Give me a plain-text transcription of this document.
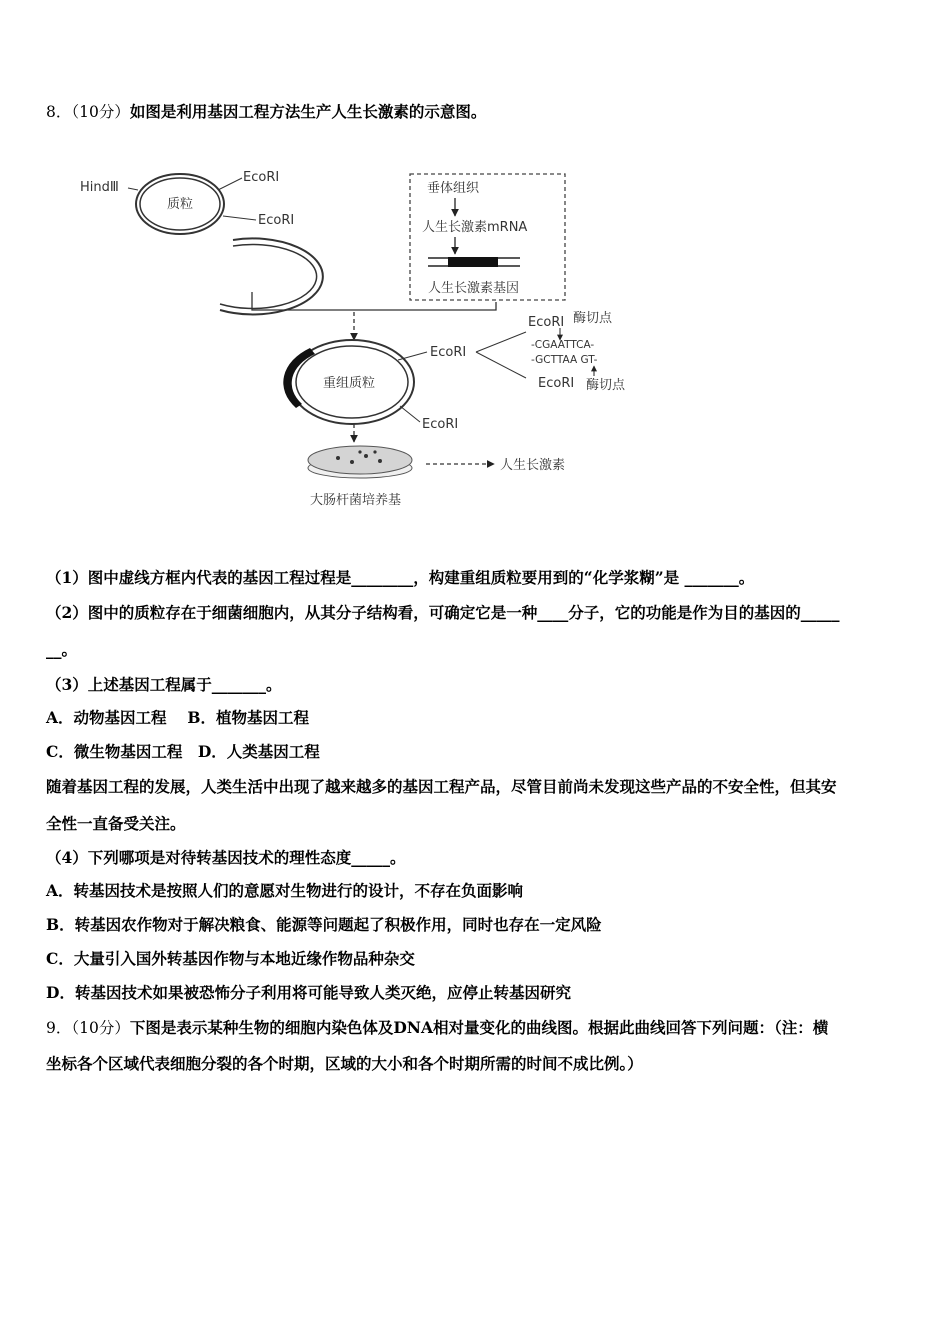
8．（10分）如图是利用基因工程方法生产人生长激素的示意图。
质粒
HindⅢ
EcoRI
EcoRI
垂体组织
人生长激素mRNA
人生长激素基因
重组质粒
EcoRI
EcoRI
EcoRI 酶切点
-CGAATTCA-
-GCTTAA GT-
EcoRI 酶切点
人生长激素
大肠杆菌培养基
（1）图中虚线方框内代表的基因工程过程是________，构建重组质粒要用到的“化学浆糊”是 _______。
（2）图中的质粒存在于细菌细胞内，从其分子结构看，可确定它是一种____分子，它的功能是作为目的基因的_____
__。
（3）上述基因工程属于_______。
A．动物基因工程　 B．植物基因工程
C．微生物基因工程　D．人类基因工程
随着基因工程的发展，人类生活中出现了越来越多的基因工程产品，尽管目前尚未发现这些产品的不安全性，但其安
全性一直备受关注。
（4）下列哪项是对待转基因技术的理性态度_____。
A．转基因技术是按照人们的意愿对生物进行的设计，不存在负面影响
B．转基因农作物对于解决粮食、能源等问题起了积极作用，同时也存在一定风险
C．大量引入国外转基因作物与本地近缘作物品种杂交
D．转基因技术如果被恐怖分子利用将可能导致人类灭绝，应停止转基因研究
9．（10分）下图是表示某种生物的细胞内染色体及DNA相对量变化的曲线图。根据此曲线回答下列问题：（注：横
坐标各个区域代表细胞分裂的各个时期，区域的大小和各个时期所需的时间不成比例。）
